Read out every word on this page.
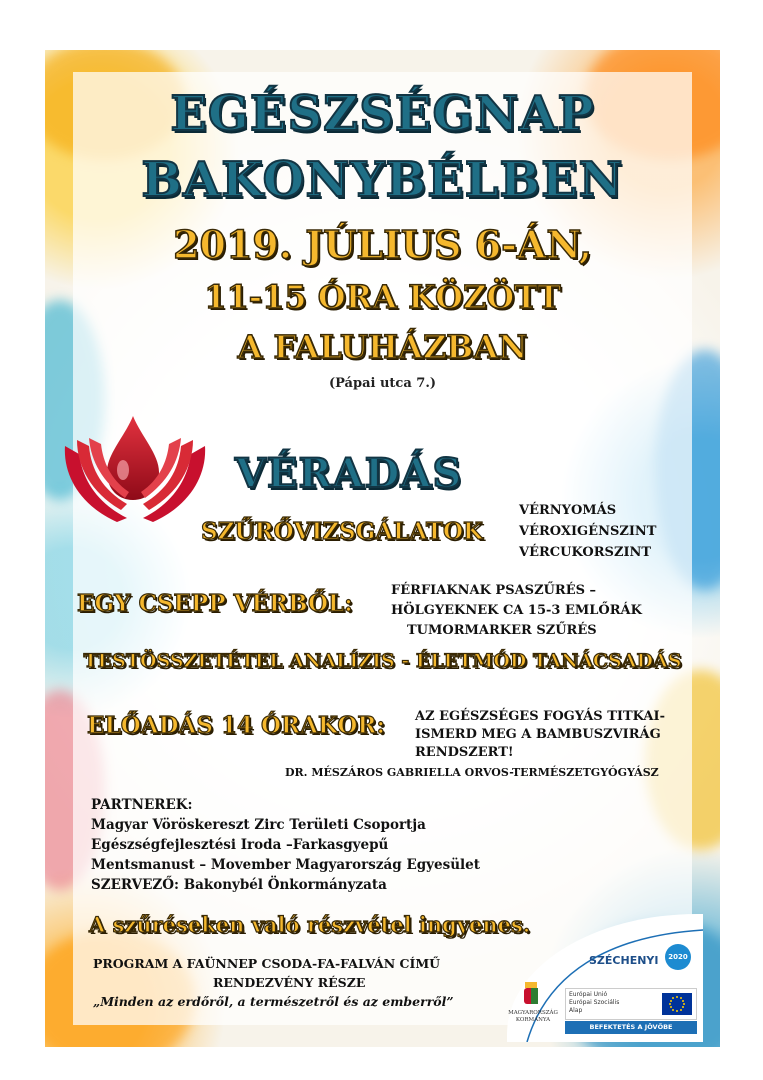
EGÉSZSÉGNAP

BAKONYBÉLBEN

2019. JÚLIUS 6-ÁN,

11-15 ÓRA KÖZÖTT

A FALUHÁZBAN

(Pápai utca 7.)

VÉRADÁS

SZŰRŐVIZSGÁLATOK

VÉRNYOMÁS

VÉROXIGÉNSZINT

VÉRCUKORSZINT

EGY CSEPP VÉRBŐL:	FÉRFIAKNAK PSASZŰRÉS –

HÖLGYEKNEK CA 15-3 EMLŐRÁK

TUMORMARKER SZŰRÉS

TESTÖSSZETÉTEL ANALÍZIS - ÉLETMÓD TANÁCSADÁS

ELŐADÁS 14 ÓRAKOR: AZ EGÉSZSÉGES FOGYÁS TITKAI-

ISMERD MEG A BAMBUSZVIRÁG

RENDSZERT!

DR. MÉSZÁROS GABRIELLA ORVOS-TERMÉSZETGYÓGYÁSZ

PARTNEREK:

Magyar Vöröskereszt Zirc Területi Csoportja

Egészségfejlesztési Iroda –Farkasgyepű

Mentsmanust – Movember Magyarország Egyesület

SZERVEZŐ: Bakonybél Önkormányzata

A szűréseken való részvétel ingyenes.

PROGRAM A FAÜNNEP CSODA-FA-FALVÁN CÍMŰ

RENDEZVÉNY RÉSZE

„Minden az erdőről, a természetről és az emberről”

SZÉCHENYI	2020
MAGYARORSZÁG
KORMÁNYA
Európai Unió
Európai Szociális
Alap
BEFEKTETÉS A JÖVŐBE
